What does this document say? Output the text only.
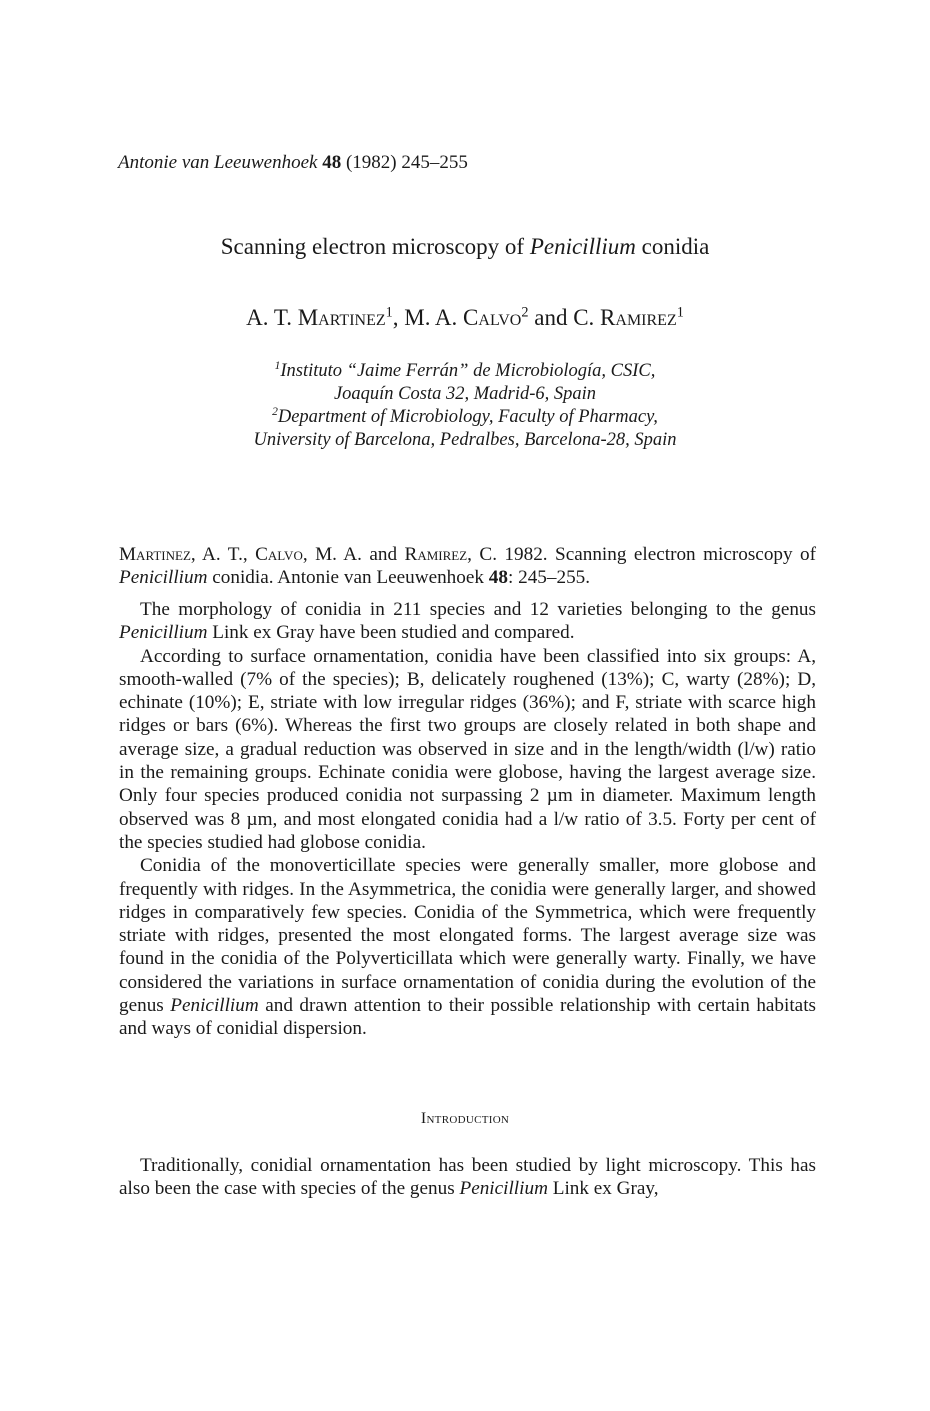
Antonie van Leeuwenhoek 48 (1982) 245–255
Scanning electron microscopy of Penicillium conidia
A. T. Martinez$^1$, M. A. Calvo$^2$ and C. Ramirez$^1$
$^1$Instituto “Jaime Ferrán” de Microbiología, CSIC,
Joaquín Costa 32, Madrid-6, Spain
$^2$Department of Microbiology, Faculty of Pharmacy,
University of Barcelona, Pedralbes, Barcelona-28, Spain

Martinez, A. T., Calvo, M. A. and Ramirez, C. 1982. Scanning electron microscopy of Penicillium conidia. Antonie van Leeuwenhoek 48: 245–255.

The morphology of conidia in 211 species and 12 varieties belonging to the genus Penicillium Link ex Gray have been studied and compared.

According to surface ornamentation, conidia have been classified into six groups: A, smooth-walled (7% of the species); B, delicately roughened (13%); C, warty (28%); D, echinate (10%); E, striate with low irregular ridges (36%); and F, striate with scarce high ridges or bars (6%). Whereas the first two groups are closely related in both shape and average size, a gradual reduction was observed in size and in the length/width (l/w) ratio in the remaining groups. Echinate conidia were globose, having the largest average size. Only four species produced conidia not surpassing 2 µm in diameter. Maximum length observed was 8 µm, and most elongated conidia had a l/w ratio of 3.5. Forty per cent of the species studied had globose conidia.

Conidia of the monoverticillate species were generally smaller, more globose and frequently with ridges. In the Asymmetrica, the conidia were generally larger, and showed ridges in comparatively few species. Conidia of the Symmetrica, which were frequently striate with ridges, presented the most elongated forms. The largest average size was found in the conidia of the Polyverticillata which were generally warty. Finally, we have considered the variations in surface ornamentation of conidia during the evolution of the genus Penicillium and drawn attention to their possible relationship with certain habitats and ways of conidial dispersion.

Introduction

Traditionally, conidial ornamentation has been studied by light microscopy. This has also been the case with species of the genus Penicillium Link ex Gray,
